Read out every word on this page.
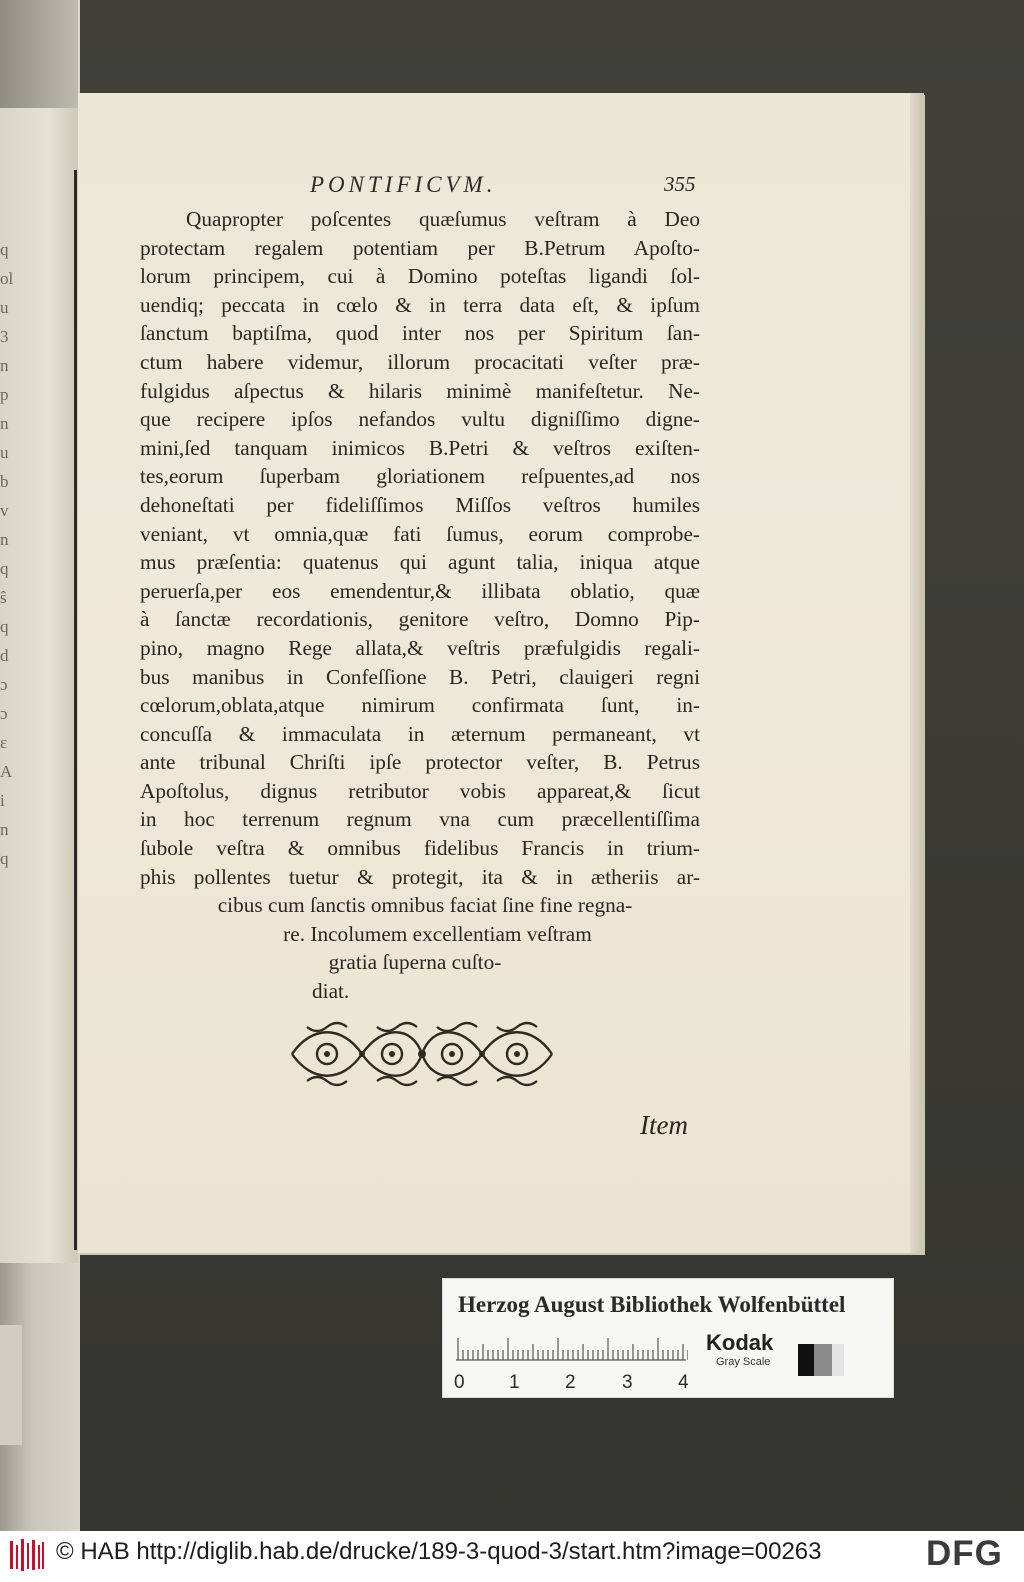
q
ol
u
3
n
p
n
u
b
v
n
q
ŝ
q
d
ɔ
ɔ
ɛ
A
i
n
q
PONTIFICVM.	355
Quapropter poſcentes quæſumus veſtram à Deo
protectam regalem potentiam per B.Petrum Apoſto-
lorum principem, cui à Domino poteſtas ligandi ſol-
uendiq; peccata in cœlo & in terra data eſt, & ipſum
ſanctum baptiſma, quod inter nos per Spiritum ſan-
ctum habere videmur, illorum procacitati veſter præ-
fulgidus aſpectus & hilaris minimè manifeſtetur. Ne-
que recipere ipſos nefandos vultu digniſſimo digne-
mini,ſed tanquam inimicos B.Petri & veſtros exiſten-
tes,eorum ſuperbam gloriationem reſpuentes,ad nos
dehoneſtati per fideliſſimos Miſſos veſtros humiles
veniant, vt omnia,quæ fati ſumus, eorum comprobe-
mus præſentia: quatenus qui agunt talia, iniqua atque
peruerſa,per eos emendentur,& illibata oblatio, quæ
à ſanctæ recordationis, genitore veſtro, Domno Pip-
pino, magno Rege allata,& veſtris præfulgidis regali-
bus manibus in Confeſſione B. Petri, clauigeri regni
cœlorum,oblata,atque nimirum confirmata ſunt, in-
concuſſa & immaculata in æternum permaneant, vt
ante tribunal Chriſti ipſe protector veſter, B. Petrus
Apoſtolus, dignus retributor vobis appareat,& ſicut
in hoc terrenum regnum vna cum præcellentiſſima
ſubole veſtra & omnibus fidelibus Francis in trium-
phis pollentes tuetur & protegit, ita & in ætheriis ar-
cibus cum ſanctis omnibus faciat ſine fine regna-
re. Incolumem excellentiam veſtram
gratia ſuperna cuſto-
diat.
Item
Herzog August Bibliothek Wolfenbüttel
0 1 2 3 4
Kodak
Gray Scale
© HAB http://diglib.hab.de/drucke/189-3-quod-3/start.htm?image=00263	DFG
